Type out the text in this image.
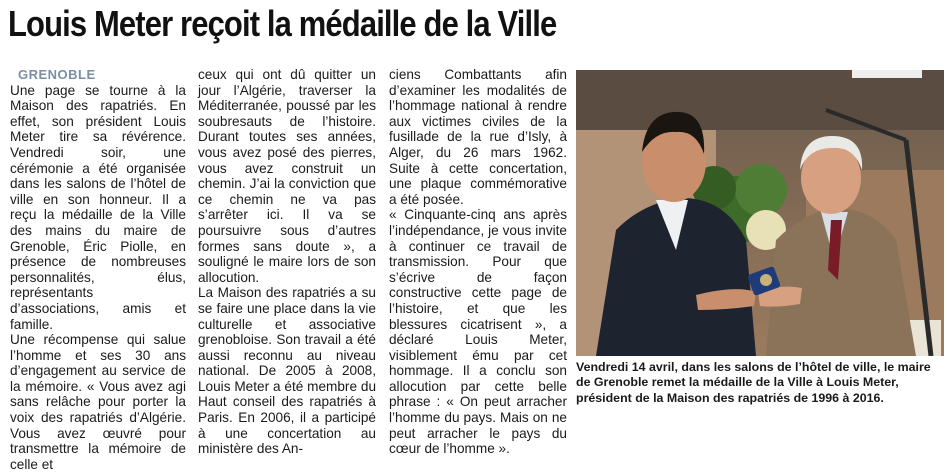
Louis Meter reçoit la médaille de la Ville

GRENOBLE
Une page se tourne à la Maison des rapatriés. En effet, son président Louis Meter tire sa révérence. Vendredi soir, une cérémonie a été organisée dans les salons de l’hôtel de ville en son honneur. Il a reçu la médaille de la Ville des mains du maire de Grenoble, Éric Piolle, en présence de nombreuses personnalités, élus, représentants d’associations, amis et famille.

Une récompense qui salue l’homme et ses 30 ans d’engagement au service de la mémoire. « Vous avez agi sans relâche pour porter la voix des rapatriés d’Algérie. Vous avez œuvré pour transmettre la mémoire de celle et

ceux qui ont dû quitter un jour l’Algérie, traverser la Méditerranée, poussé par les soubresauts de l’histoire. Durant toutes ses années, vous avez posé des pierres, vous avez construit un chemin. J’ai la conviction que ce chemin ne va pas s’arrêter ici. Il va se poursuivre sous d’autres formes sans doute », a souligné le maire lors de son allocution.

La Maison des rapatriés a su se faire une place dans la vie culturelle et associative grenobloise. Son travail a été aussi reconnu au niveau national. De 2005 à 2008, Louis Meter a été membre du Haut conseil des rapatriés à Paris. En 2006, il a participé à une concertation au ministère des An-

ciens Combattants afin d’examiner les modalités de l’hommage national à rendre aux victimes civiles de la fusillade de la rue d’Isly, à Alger, du 26 mars 1962. Suite à cette concertation, une plaque commémorative a été posée.

« Cinquante-cinq ans après l’indépendance, je vous invite à continuer ce travail de transmission. Pour que s’écrive de façon constructive cette page de l’histoire, et que les blessures cicatrisent », a déclaré Louis Meter, visiblement ému par cet hommage. Il a conclu son allocution par cette belle phrase : « On peut arracher l’homme du pays. Mais on ne peut arracher le pays du cœur de l’homme ».

Vendredi 14 avril, dans les salons de l’hôtel de ville, le maire de Grenoble remet la médaille de la Ville à Louis Meter, président de la Maison des rapatriés de 1996 à 2016.
